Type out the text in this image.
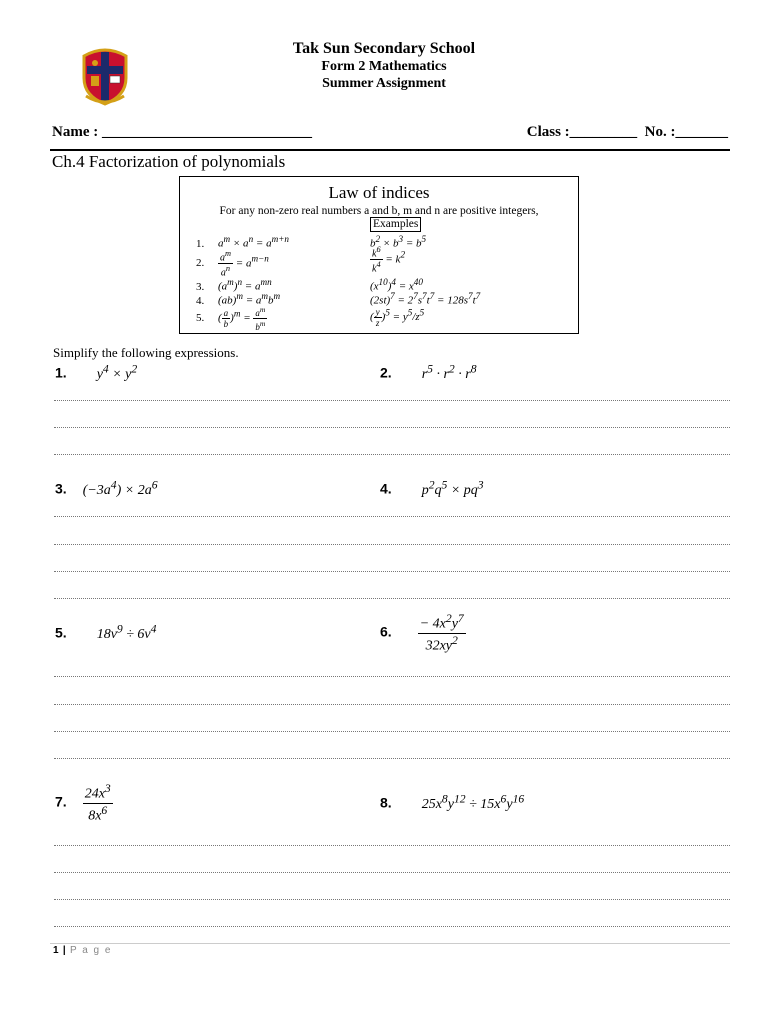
Tak Sun Secondary School
Form 2 Mathematics
Summer Assignment
Name : ____________________________	Class :_________ No. :_______
Ch.4 Factorization of polynomials
Law of indices
For any non-zero real numbers a and b, m and n are positive integers,
Examples
1. $a^m \times a^n = a^{m+n}$	$b^2 \times b^3 = b^5$
2. $\frac{a^m}{a^n} = a^{m-n}$	$\frac{k^6}{k^4} = k^2$
3. $(a^m)^n = a^{mn}$	$(x^{10})^4 = x^{40}$
4. $(ab)^m = a^mb^m$	$(2st)^7 = 2^7s^7t^7 = 128s^7t^7$
5. ( $\frac{a}{b} )^m = \frac{a^m}{b^m}$	( $\frac{y}{z} )^5 = y^5/z^5$
Simplify the following expressions.
1. $y^4 \times y^2$	2. $r^5 \cdot r^2 \cdot r^8$
3. $(-3a^4) \times 2a^6$	4. $p^2q^5 \times pq^3$
5. $18v^9 \div 6v^4$	6. $\frac{- 4x^2y^7}{32xy^2}$
7. $\frac{24x^3}{8x^6}$	8. $25x^8y^{12} \div 15x^6y^{16}$
1 | P a g e
